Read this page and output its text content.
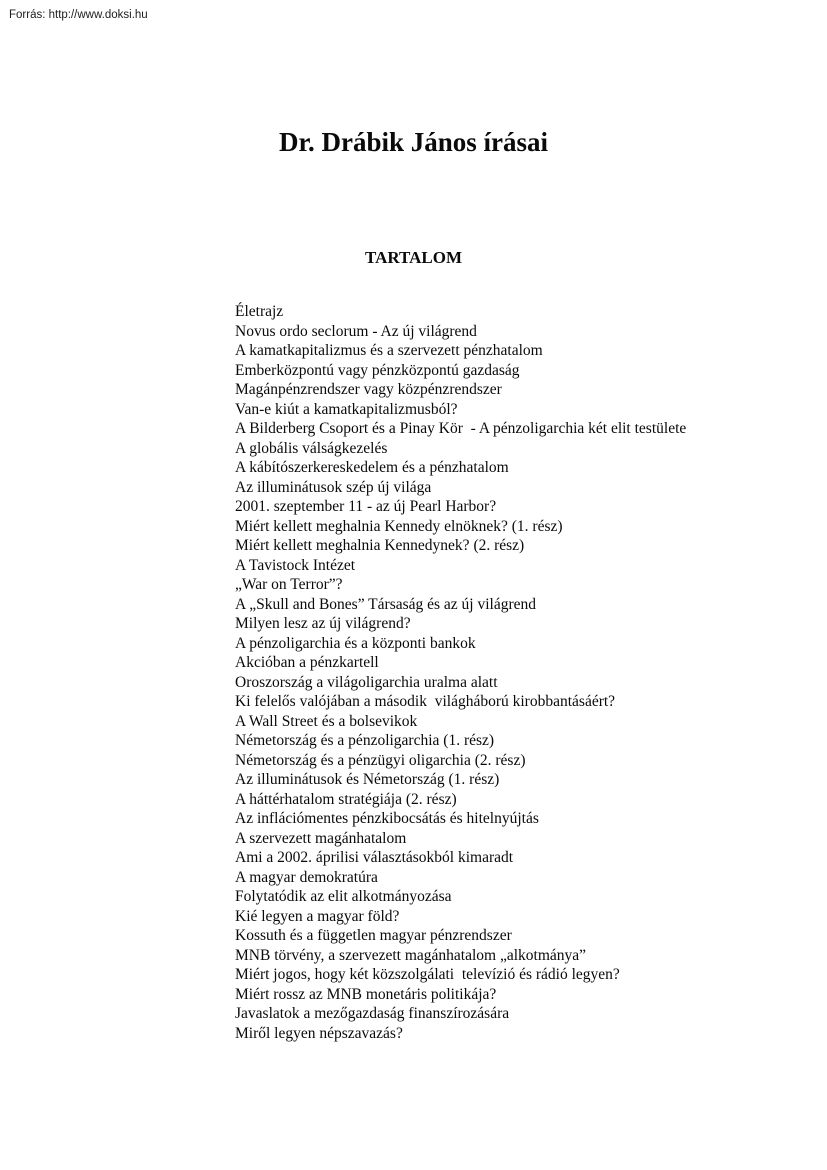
Forrás: http://www.doksi.hu
Dr. Drábik János írásai
TARTALOM
Életrajz
Novus ordo seclorum - Az új világrend
A kamatkapitalizmus és a szervezett pénzhatalom
Emberközpontú vagy pénzközpontú gazdaság
Magánpénzrendszer vagy közpénzrendszer
Van-e kiút a kamatkapitalizmusból?
A Bilderberg Csoport és a Pinay Kör  - A pénzoligarchia két elit testülete
A globális válságkezelés
A kábítószerkereskedelem és a pénzhatalom
Az illuminátusok szép új világa
2001. szeptember 11 - az új Pearl Harbor?
Miért kellett meghalnia Kennedy elnöknek? (1. rész)
Miért kellett meghalnia Kennedynek? (2. rész)
A Tavistock Intézet
„War on Terror”?
A „Skull and Bones” Társaság és az új világrend
Milyen lesz az új világrend?
A pénzoligarchia és a központi bankok
Akcióban a pénzkartell
Oroszország a világoligarchia uralma alatt
Ki felelős valójában a második  világháború kirobbantásáért?
A Wall Street és a bolsevikok
Németország és a pénzoligarchia (1. rész)
Németország és a pénzügyi oligarchia (2. rész)
Az illuminátusok és Németország (1. rész)
A háttérhatalom stratégiája (2. rész)
Az inflációmentes pénzkibocsátás és hitelnyújtás
A szervezett magánhatalom
Ami a 2002. áprilisi választásokból kimaradt
A magyar demokratúra
Folytatódik az elit alkotmányozása
Kié legyen a magyar föld?
Kossuth és a független magyar pénzrendszer
MNB törvény, a szervezett magánhatalom „alkotmánya”
Miért jogos, hogy két közszolgálati  televízió és rádió legyen?
Miért rossz az MNB monetáris politikája?
Javaslatok a mezőgazdaság finanszírozására
Miről legyen népszavazás?
